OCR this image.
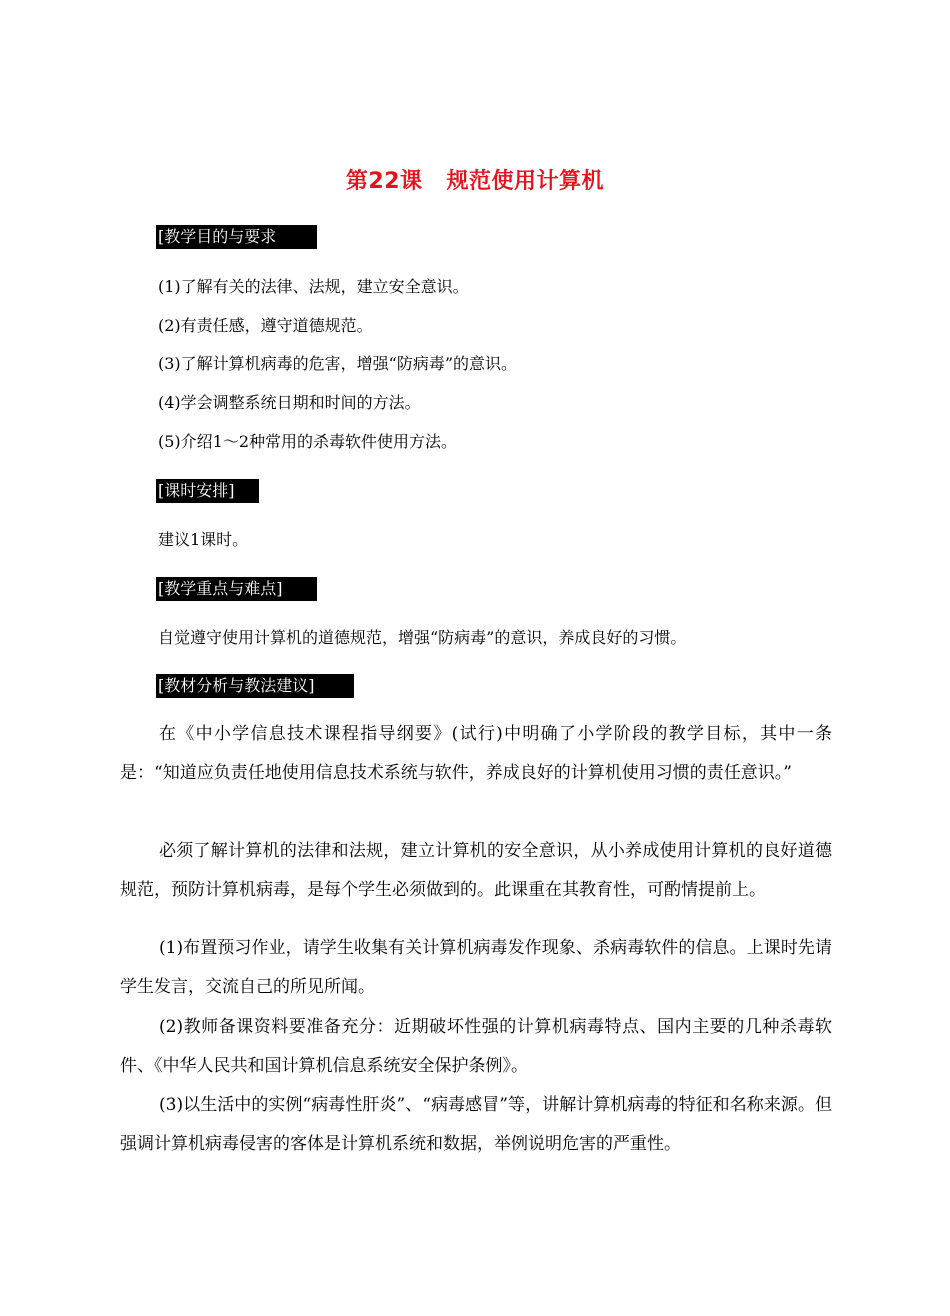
第22课 规范使用计算机
[教学目的与要求
(1)了解有关的法律、法规，建立安全意识。
(2)有责任感，遵守道德规范。
(3)了解计算机病毒的危害，增强“防病毒”的意识。
(4)学会调整系统日期和时间的方法。
(5)介绍1～2种常用的杀毒软件使用方法。
[课时安排]
建议1课时。
[教学重点与难点]
自觉遵守使用计算机的道德规范，增强“防病毒”的意识，养成良好的习惯。
[教材分析与教法建议]
在《中小学信息技术课程指导纲要》(试行)中明确了小学阶段的教学目标，其中一条是：“知道应负责任地使用信息技术系统与软件，养成良好的计算机使用习惯的责任意识。”
必须了解计算机的法律和法规，建立计算机的安全意识，从小养成使用计算机的良好道德规范，预防计算机病毒，是每个学生必须做到的。此课重在其教育性，可酌情提前上。
(1)布置预习作业，请学生收集有关计算机病毒发作现象、杀病毒软件的信息。上课时先请学生发言，交流自己的所见所闻。
(2)教师备课资料要准备充分：近期破坏性强的计算机病毒特点、国内主要的几种杀毒软件、《中华人民共和国计算机信息系统安全保护条例》。
(3)以生活中的实例“病毒性肝炎”、“病毒感冒”等，讲解计算机病毒的特征和名称来源。但强调计算机病毒侵害的客体是计算机系统和数据，举例说明危害的严重性。
